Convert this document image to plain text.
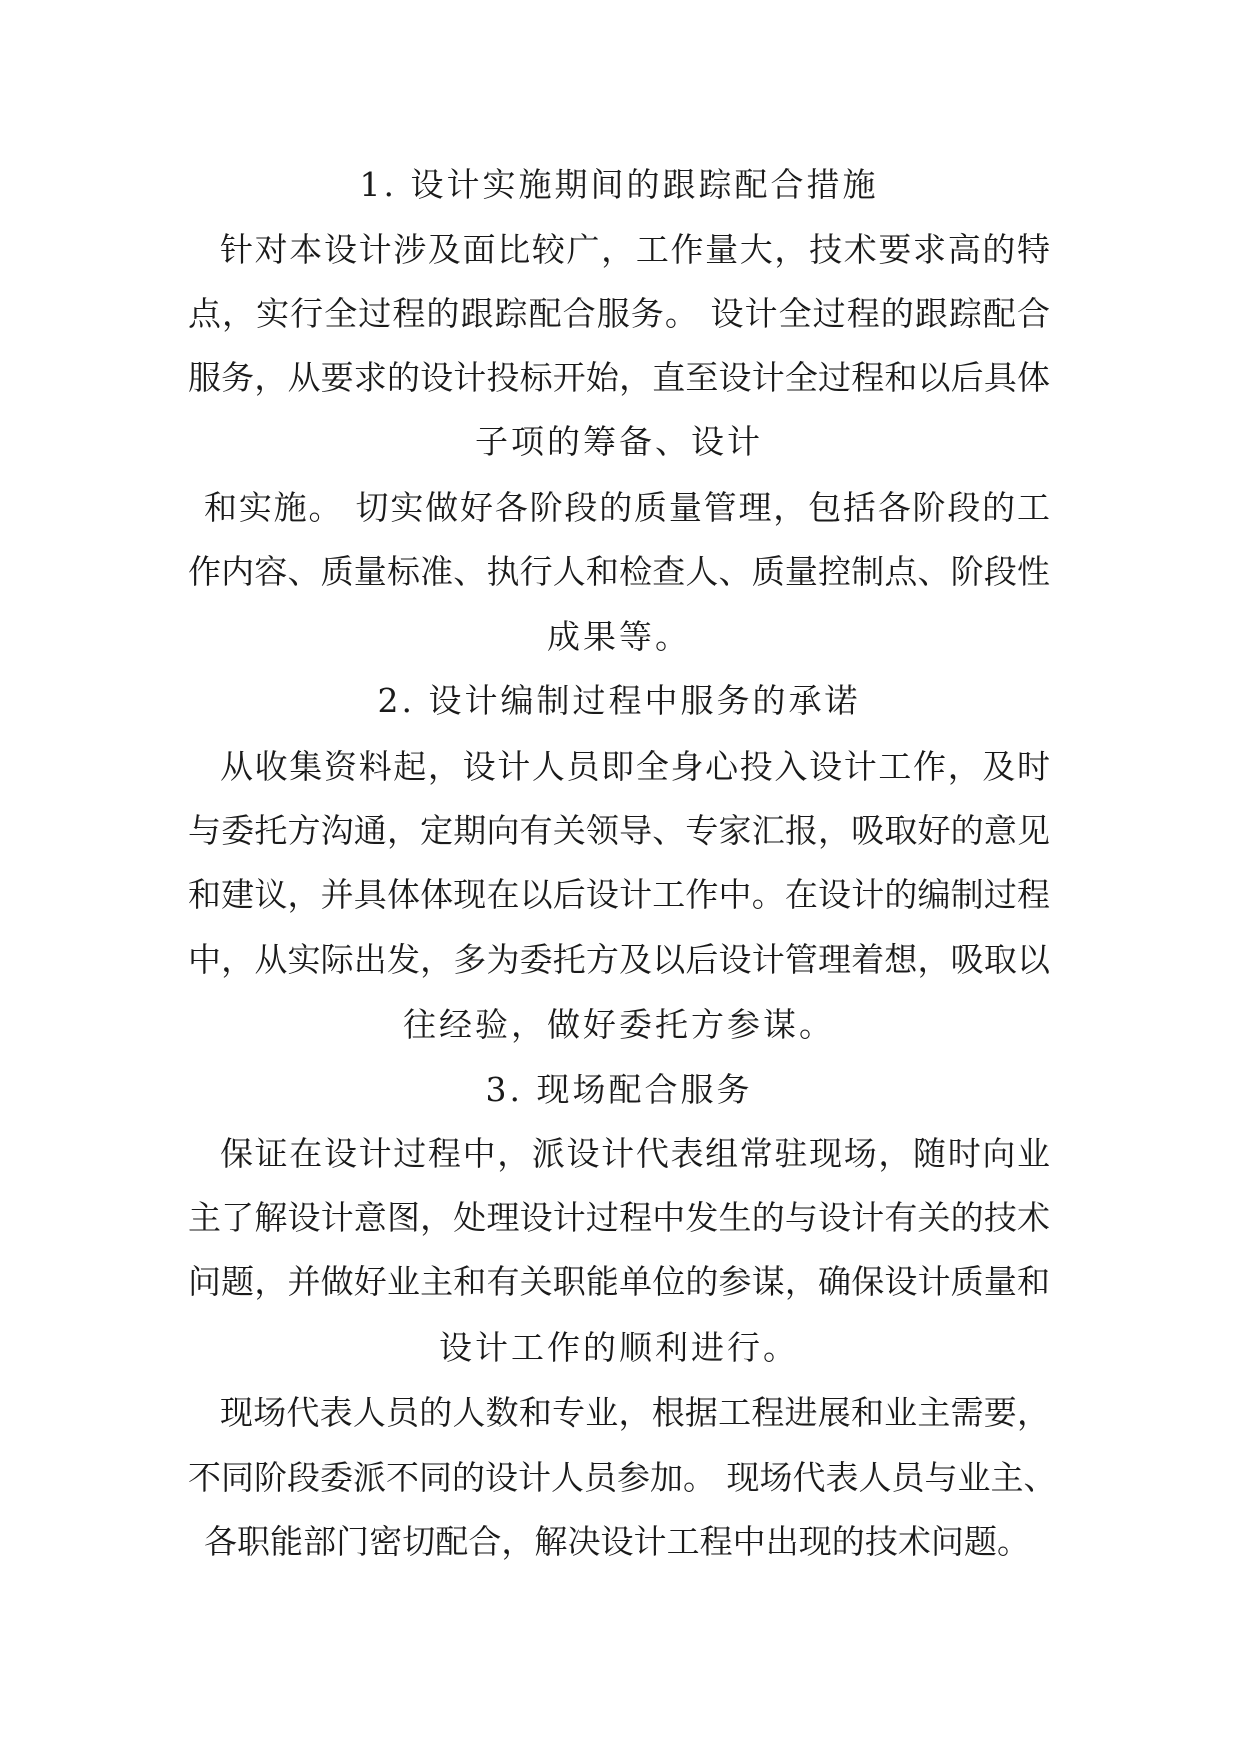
1. 设计实施期间的跟踪配合措施
针对本设计涉及面比较广，工作量大，技术要求高的特
点，实行全过程的跟踪配合服务。 设计全过程的跟踪配合
服务，从要求的设计投标开始，直至设计全过程和以后具体
子项的筹备、设计
和实施。 切实做好各阶段的质量管理，包括各阶段的工
作内容、质量标准、执行人和检查人、质量控制点、阶段性
成果等。
2. 设计编制过程中服务的承诺
从收集资料起，设计人员即全身心投入设计工作，及时
与委托方沟通，定期向有关领导、专家汇报，吸取好的意见
和建议，并具体体现在以后设计工作中。在设计的编制过程
中，从实际出发，多为委托方及以后设计管理着想，吸取以
往经验，做好委托方参谋。
3. 现场配合服务
保证在设计过程中，派设计代表组常驻现场，随时向业
主了解设计意图，处理设计过程中发生的与设计有关的技术
问题，并做好业主和有关职能单位的参谋，确保设计质量和
设计工作的顺利进行。
现场代表人员的人数和专业，根据工程进展和业主需要，
不同阶段委派不同的设计人员参加。 现场代表人员与业主、
各职能部门密切配合，解决设计工程中出现的技术问题。
